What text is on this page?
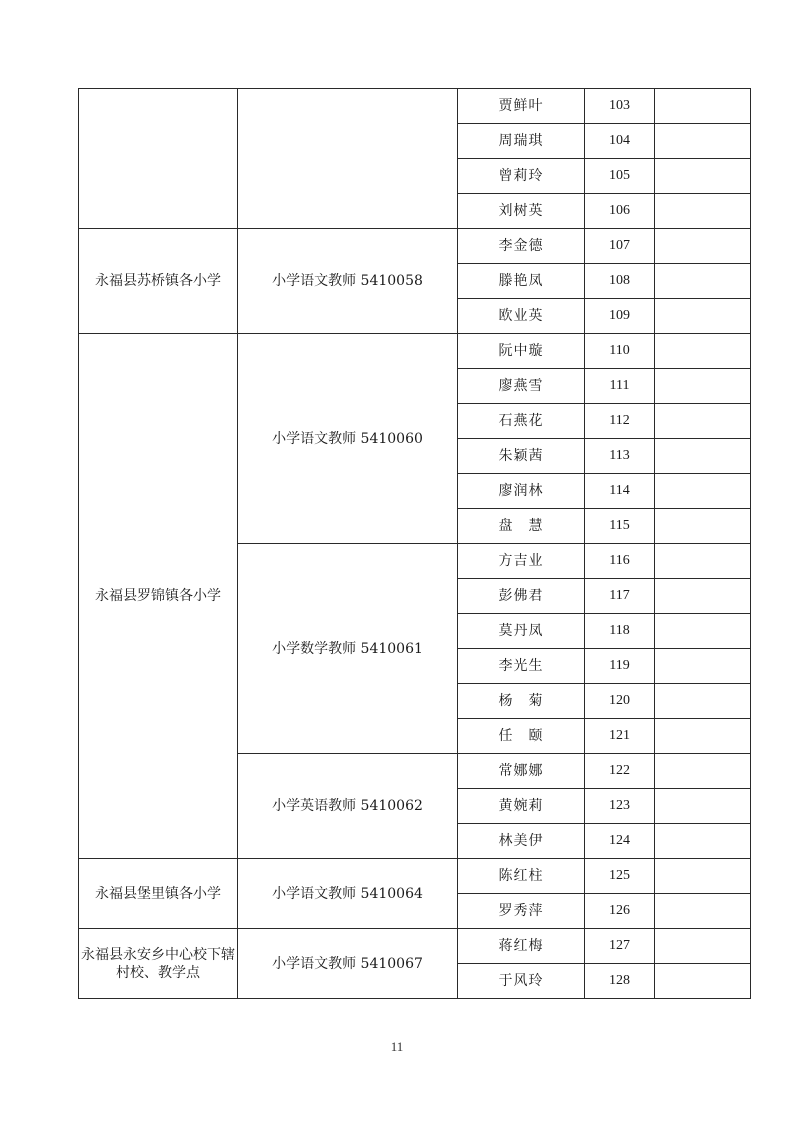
		贾鲜叶	103	
		周瑞琪	104	
		曾莉玲	105	
		刘树英	106	
永福县苏桥镇各小学	小学语文教师 5410058	李金德	107	
		滕艳凤	108	
		欧业英	109	
永福县罗锦镇各小学	小学语文教师 5410060	阮中璇	110	
		廖燕雪	111	
		石燕花	112	
		朱颖茜	113	
		廖润林	114	
		盘　慧	115	
	小学数学教师 5410061	方吉业	116	
		彭佛君	117	
		莫丹凤	118	
		李光生	119	
		杨　菊	120	
		任　颐	121	
	小学英语教师 5410062	常娜娜	122	
		黄婉莉	123	
		林美伊	124	
永福县堡里镇各小学	小学语文教师 5410064	陈红柱	125	
		罗秀萍	126	
永福县永安乡中心校下辖村校、教学点	小学语文教师 5410067	蒋红梅	127	
		于风玲	128	
11
